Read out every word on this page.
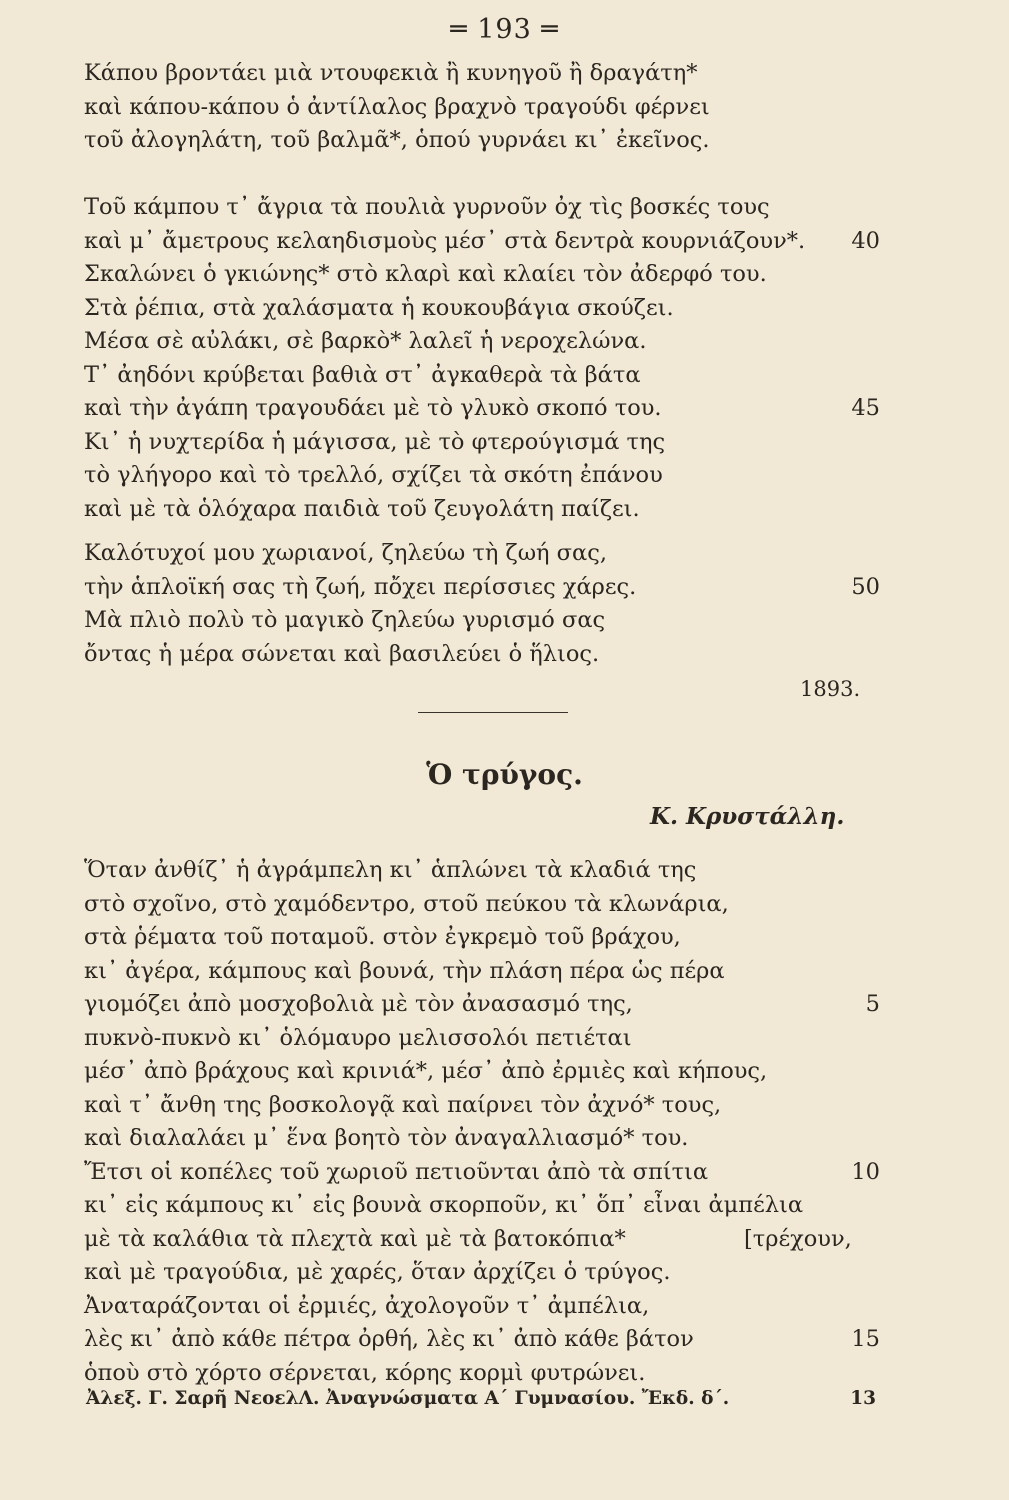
═ 193 ═
Κάπου βροντάει μιὰ ντουφεκιὰ ἢ κυνηγοῦ ἢ δραγάτη*
καὶ κάπου-κάπου ὁ ἀντίλαλος βραχνὸ τραγούδι φέρνει
τοῦ ἀλογηλάτη, τοῦ βαλμᾶ*, ὁπού γυρνάει κι᾿ ἐκεῖνος.
Τοῦ κάμπου τ᾿ ἄγρια τὰ πουλιὰ γυρνοῦν ὀχ τὶς βοσκές τους
καὶ μ᾿ ἄμετρους κελαηδισμοὺς μέσ᾿ στὰ δεντρὰ κουρνιάζουν*. 40
Σκαλώνει ὁ γκιώνης* στὸ κλαρὶ καὶ κλαίει τὸν ἀδερφό του.
Στὰ ῥέπια, στὰ χαλάσματα ἡ κουκουβάγια σκούζει.
Μέσα σὲ αὐλάκι, σὲ βαρκὸ* λαλεῖ ἡ νεροχελώνα.
Τ᾿ ἀηδόνι κρύβεται βαθιὰ στ᾿ ἀγκαθερὰ τὰ βάτα
καὶ τὴν ἀγάπη τραγουδάει μὲ τὸ γλυκὸ σκοπό του.	45
Κι᾿ ἡ νυχτερίδα ἡ μάγισσα, μὲ τὸ φτερούγισμά της
τὸ γλήγορο καὶ τὸ τρελλό, σχίζει τὰ σκότη ἐπάνου
καὶ μὲ τὰ ὁλόχαρα παιδιὰ τοῦ ζευγολάτη παίζει.
Καλότυχοί μου χωριανοί, ζηλεύω τὴ ζωή σας,
τὴν ἁπλοϊκή σας τὴ ζωή, πὄχει περίσσιες χάρες.	50
Μὰ πλιὸ πολὺ τὸ μαγικὸ ζηλεύω γυρισμό σας
ὄντας ἡ μέρα σώνεται καὶ βασιλεύει ὁ ἥλιος.
1893.
Ὁ τρύγος.
Κ. Κρυστάλλη.
Ὅταν ἀνθίζ᾿ ἡ ἀγράμπελη κι᾿ ἁπλώνει τὰ κλαδιά της
στὸ σχοῖνο, στὸ χαμόδεντρο, στοῦ πεύκου τὰ κλωνάρια,
στὰ ῥέματα τοῦ ποταμοῦ. στὸν ἐγκρεμὸ τοῦ βράχου,
κι᾿ ἀγέρα, κάμπους καὶ βουνά, τὴν πλάση πέρα ὡς πέρα
γιομόζει ἀπὸ μοσχοβολιὰ μὲ τὸν ἀνασασμό της,	5
πυκνὸ-πυκνὸ κι᾿ ὁλόμαυρο μελισσολόι πετιέται
μέσ᾿ ἀπὸ βράχους καὶ κρινιά*, μέσ᾿ ἀπὸ ἐρμιὲς καὶ κήπους,
καὶ τ᾿ ἄνθη της βοσκολογᾷ καὶ παίρνει τὸν ἀχνό* τους,
καὶ διαλαλάει μ᾿ ἕνα βοητὸ τὸν ἀναγαλλιασμό* του.
Ἔτσι οἱ κοπέλες τοῦ χωριοῦ πετιοῦνται ἀπὸ τὰ σπίτια	10
κι᾿ εἰς κάμπους κι᾿ εἰς βουνὰ σκορποῦν, κι᾿ ὅπ᾿ εἶναι ἀμπέλια
μὲ τὰ καλάθια τὰ πλεχτὰ καὶ μὲ τὰ βατοκόπια*	[τρέχουν,
καὶ μὲ τραγούδια, μὲ χαρές, ὅταν ἀρχίζει ὁ τρύγος.
Ἀναταράζονται οἱ ἐρμιές, ἀχολογοῦν τ᾿ ἀμπέλια,
λὲς κι᾿ ἀπὸ κάθε πέτρα ὀρθή, λὲς κι᾿ ἀπὸ κάθε βάτον	15
ὁποὺ στὸ χόρτο σέρνεται, κόρης κορμὶ φυτρώνει.
Ἀλεξ. Γ. Σαρῆ ΝεοελΛ. Ἀναγνώσματα Α΄ Γυμνασίου. Ἔκδ. δ΄.	13
